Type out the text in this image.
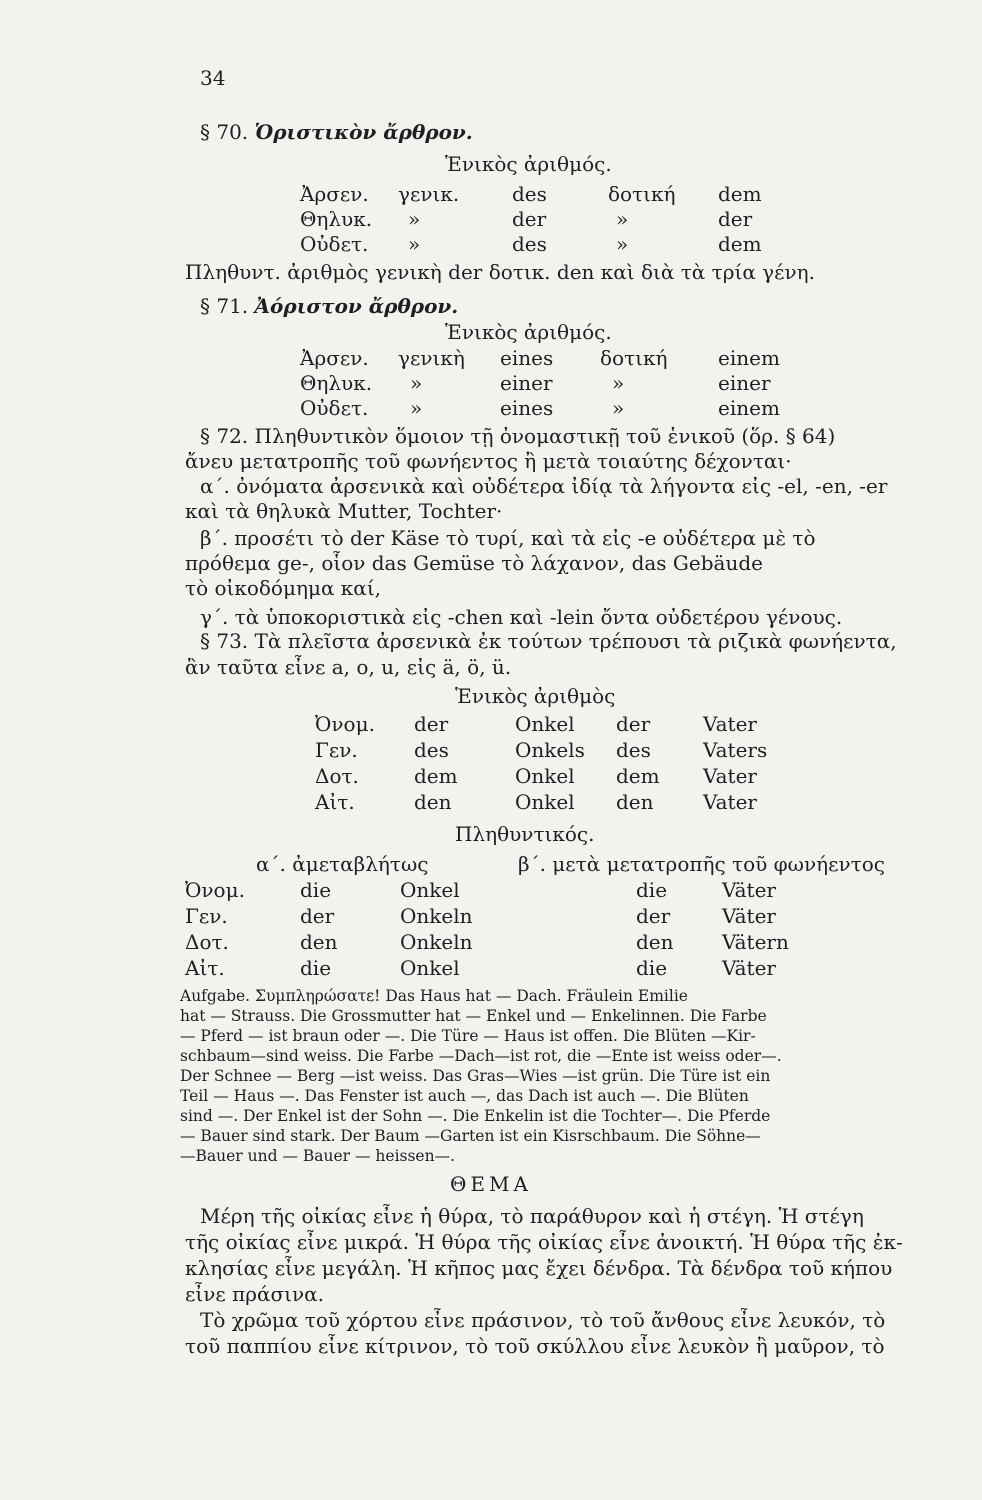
34
§ 70. Ὁριστικὸν ἄρθρον.
Ἑνικὸς ἀριθμός.
Ἀρσεν. γενικ.	des	δοτική dem
Θηλυκ. »	der	»	der
Οὐδετ. »	des	»	dem
Πληθυντ. ἀριθμὸς γενικὴ der δοτικ. den καὶ διὰ τὰ τρία γένη.
§ 71. Ἀόριστον ἄρθρον.
Ἑνικὸς ἀριθμός.
Ἀρσεν. γενικὴ eines δοτική	einem
Θηλυκ. »	einer	»	einer
Οὐδετ. »	eines	»	einem
§ 72. Πληθυντικὸν ὅμοιον τῇ ὀνομαστικῇ τοῦ ἑνικοῦ (ὅρ. § 64)
ἄνευ μετατροπῆς τοῦ φωνήεντος ἢ μετὰ τοιαύτης δέχονται·
α΄. ὀνόματα ἀρσενικὰ καὶ οὐδέτερα ἰδίᾳ τὰ λήγοντα εἰς -el, -en, -er
καὶ τὰ θηλυκὰ Mutter, Tochter·
β΄. προσέτι τὸ der Käse τὸ τυρί, καὶ τὰ εἰς -e οὐδέτερα μὲ τὸ
πρόθεμα ge-, οἷον das Gemüse τὸ λάχανον, das Gebäude
τὸ οἰκοδόμημα καί,
γ΄. τὰ ὑποκοριστικὰ εἰς -chen καὶ -lein ὄντα οὐδετέρου γένους.
§ 73. Τὰ πλεῖστα ἀρσενικὰ ἐκ τούτων τρέπουσι τὰ ριζικὰ φωνήεντα,
ἂν ταῦτα εἶνε a, o, u, εἰς ä, ö, ü.
Ἑνικὸς ἀριθμὸς
Ὀνομ. der	Onkel der	Vater
Γεν.	des	Onkels des	Vaters
Δοτ.	dem	Onkel dem Vater
Αἰτ.	den	Onkel den Vater
Πληθυντικός.
α΄. ἀμεταβλήτως	β΄. μετὰ μετατροπῆς τοῦ φωνήεντος
Ὀνομ.	die	Onkel	die	Väter
Γεν.	der	Onkeln	der	Väter
Δοτ.	den	Onkeln	den Vätern
Αἰτ.	die	Onkel	die	Väter
Aufgabe. Συμπληρώσατε! Das Haus hat — Dach. Fräulein Emilie
hat — Strauss. Die Grossmutter hat — Enkel und — Enkelinnen. Die Farbe
— Pferd — ist braun oder —. Die Türe — Haus ist offen. Die Blüten —Kir-
schbaum—sind weiss. Die Farbe —Dach—ist rot, die —Ente ist weiss oder—.
Der Schnee — Berg —ist weiss. Das Gras—Wies —ist grün. Die Türe ist ein
Teil — Haus —. Das Fenster ist auch —, das Dach ist auch —. Die Blüten
sind —. Der Enkel ist der Sohn —. Die Enkelin ist die Tochter—. Die Pferde
— Bauer sind stark. Der Baum —Garten ist ein Kisrschbaum. Die Söhne—
—Bauer und — Bauer — heissen—.
ΘΕΜΑ
Μέρη τῆς οἰκίας εἶνε ἡ θύρα, τὸ παράθυρον καὶ ἡ στέγη. Ἡ στέγη
τῆς οἰκίας εἶνε μικρά. Ἡ θύρα τῆς οἰκίας εἶνε ἀνοικτή. Ἡ θύρα τῆς ἐκ-
κλησίας εἶνε μεγάλη. Ἡ κῆπος μας ἔχει δένδρα. Τὰ δένδρα τοῦ κήπου
εἶνε πράσινα.
Τὸ χρῶμα τοῦ χόρτου εἶνε πράσινον, τὸ τοῦ ἄνθους εἶνε λευκόν, τὸ
τοῦ παππίου εἶνε κίτρινον, τὸ τοῦ σκύλλου εἶνε λευκὸν ἢ μαῦρον, τὸ
